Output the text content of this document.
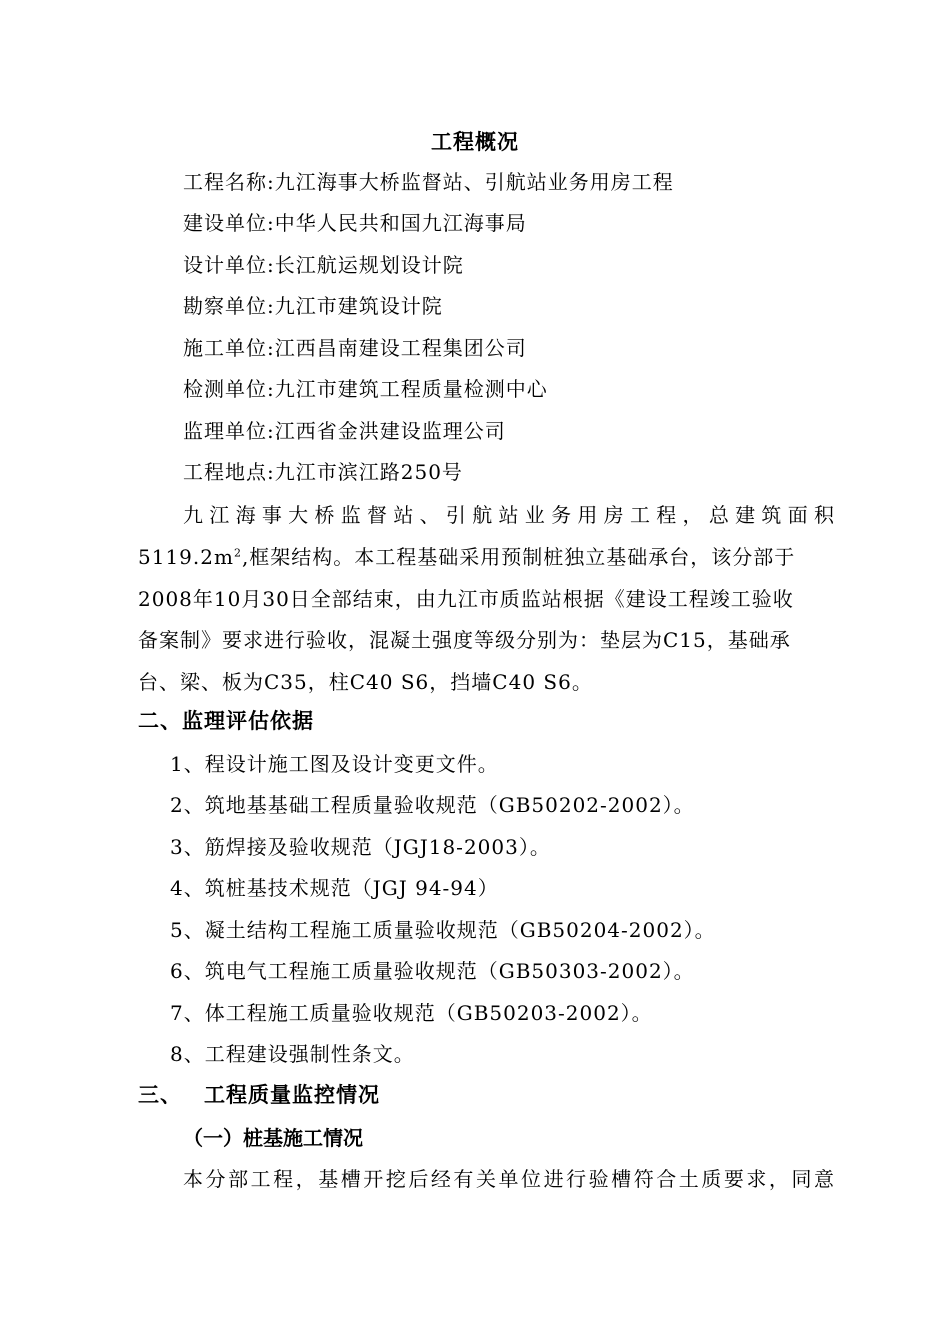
工程概况
工程名称:九江海事大桥监督站、引航站业务用房工程
建设单位:中华人民共和国九江海事局
设计单位:长江航运规划设计院
勘察单位:九江市建筑设计院
施工单位:江西昌南建设工程集团公司
检测单位:九江市建筑工程质量检测中心
监理单位:江西省金洪建设监理公司
工程地点:九江市滨江路250号
九江海事大桥监督站、引航站业务用房工程，总建筑面积
$5119.2m^2$,框架结构。本工程基础采用预制桩独立基础承台，该分部于
2008年10月30日全部结束，由九江市质监站根据《建设工程竣工验收
备案制》要求进行验收，混凝土强度等级分别为：垫层为C15，基础承
台、梁、板为C35，柱C40 S6，挡墙C40 S6。
二、监理评估依据
1、程设计施工图及设计变更文件。
2、筑地基基础工程质量验收规范（GB50202-2002）。
3、筋焊接及验收规范（JGJ18-2003）。
4、筑桩基技术规范（JGJ 94-94）
5、凝土结构工程施工质量验收规范（GB50204-2002）。
6、筑电气工程施工质量验收规范（GB50303-2002）。
7、体工程施工质量验收规范（GB50203-2002）。
8、工程建设强制性条文。
三、 工程质量监控情况
（一）桩基施工情况
本分部工程，基槽开挖后经有关单位进行验槽符合土质要求，同意
